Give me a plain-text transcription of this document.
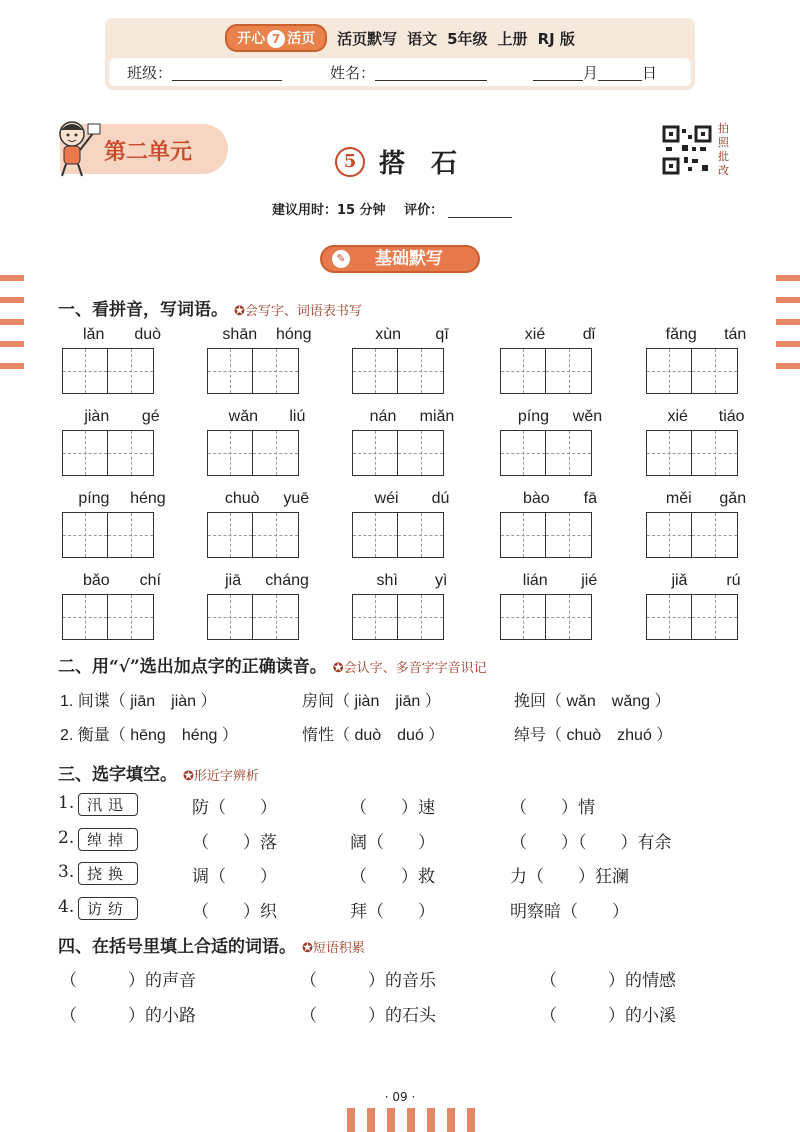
开心 7 活页	活页默写 语文 5年级 上册 RJ 版
班级：	姓名：	月	日
第二单元	5 搭　石
拍照批改
建议用时：15 分钟 评价：
✎ 基础默写
一、看拼音，写词语。 ✪会写字、词语表书写
lǎn duò	shān hóng	xùn qī	xié dǐ	fǎng tán
jiàn gé	wǎn liú	nán miǎn	píng wěn	xié tiáo
píng héng	chuò yuē	wéi dú	bào fā	měi gǎn
bǎo chí	jiā cháng	shì yì	lián jié	jiǎ rú
二、用“√”选出加点字的正确读音。 ✪会认字、多音字字音识记
1. 间谍（ jiān　jiàn ）	房间（ jiàn　jiān ）	挽回（ wǎn　wǎng ）
2. 衡量（ hēng　héng ）	惰性（ duò　duó ）	绰号（ chuò　zhuó ）
三、选字填空。 ✪形近字辨析
1. 汛迅	防（　　）	（　　）速	（　　）情
2. 绰掉	（　　）落	阔（　　）	（　　）（　　）有余
3. 挠换	调（　　）	（　　）救	力（　　）狂澜
4. 访纺	（　　）织	拜（　　）	明察暗（　　）
四、在括号里填上合适的词语。 ✪短语积累
（　　　）的声音	（　　　）的音乐	（　　　）的情感
（　　　）的小路	（　　　）的石头	（　　　）的小溪
· 09 ·
